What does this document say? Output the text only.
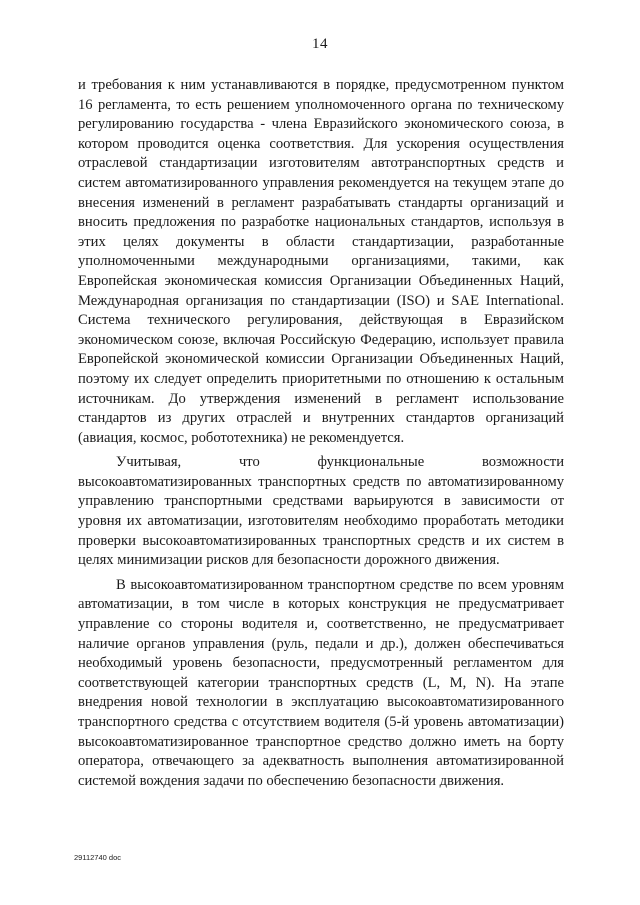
14

и требования к ним устанавливаются в порядке, предусмотренном пунктом 16 регламента, то есть решением уполномоченного органа по техническому регулированию государства - члена Евразийского экономического союза, в котором проводится оценка соответствия. Для ускорения осуществления отраслевой стандартизации изготовителям автотранспортных средств и систем автоматизированного управления рекомендуется на текущем этапе до внесения изменений в регламент разрабатывать стандарты организаций и вносить предложения по разработке национальных стандартов, используя в этих целях документы в области стандартизации, разработанные уполномоченными международными организациями, такими, как Европейская экономическая комиссия Организации Объединенных Наций, Международная организация по стандартизации (ISO) и SAE International. Система технического регулирования, действующая в Евразийском экономическом союзе, включая Российскую Федерацию, использует правила Европейской экономической комиссии Организации Объединенных Наций, поэтому их следует определить приоритетными по отношению к остальным источникам. До утверждения изменений в регламент использование стандартов из других отраслей и внутренних стандартов организаций (авиация, космос, робототехника) не рекомендуется.

Учитывая, что функциональные возможности высокоавтоматизированных транспортных средств по автоматизированному управлению транспортными средствами варьируются в зависимости от уровня их автоматизации, изготовителям необходимо проработать методики проверки высокоавтоматизированных транспортных средств и их систем в целях минимизации рисков для безопасности дорожного движения.

В высокоавтоматизированном транспортном средстве по всем уровням автоматизации, в том числе в которых конструкция не предусматривает управление со стороны водителя и, соответственно, не предусматривает наличие органов управления (руль, педали и др.), должен обеспечиваться необходимый уровень безопасности, предусмотренный регламентом для соответствующей категории транспортных средств (L, M, N). На этапе внедрения новой технологии в эксплуатацию высокоавтоматизированного транспортного средства с отсутствием водителя (5-й уровень автоматизации) высокоавтоматизированное транспортное средство должно иметь на борту оператора, отвечающего за адекватность выполнения автоматизированной системой вождения задачи по обеспечению безопасности движения.

29112740 doc
